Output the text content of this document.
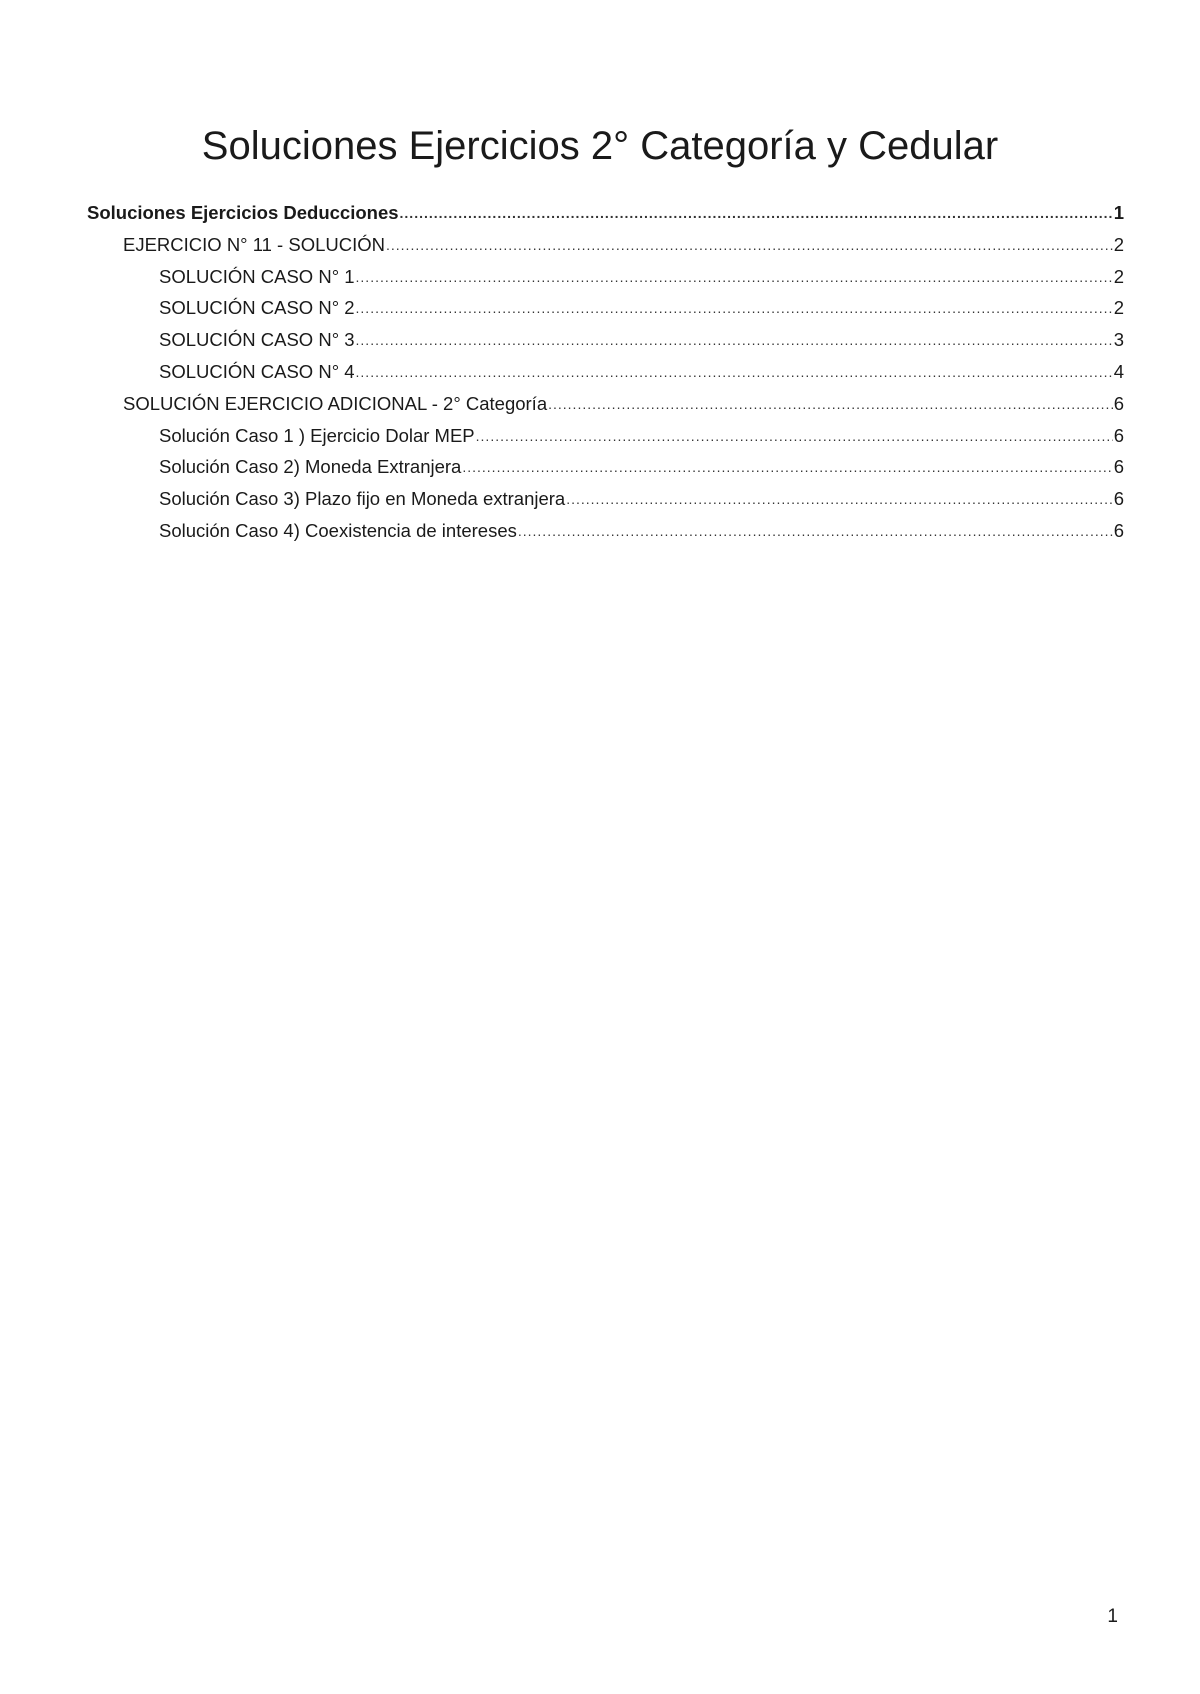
Soluciones Ejercicios 2° Categoría y Cedular
Soluciones Ejercicios Deducciones .....	1
EJERCICIO N° 11 - SOLUCIÓN .....	2
SOLUCIÓN CASO N° 1 .....	2
SOLUCIÓN CASO N° 2 .....	2
SOLUCIÓN CASO N° 3 .....	3
SOLUCIÓN CASO N° 4 .....	4
SOLUCIÓN EJERCICIO ADICIONAL - 2° Categoría .....	6
Solución Caso 1 ) Ejercicio Dolar MEP .....	6
Solución Caso 2) Moneda Extranjera .....	6
Solución Caso 3) Plazo fijo en Moneda extranjera .....	6
Solución Caso 4) Coexistencia de intereses .....	6
1
